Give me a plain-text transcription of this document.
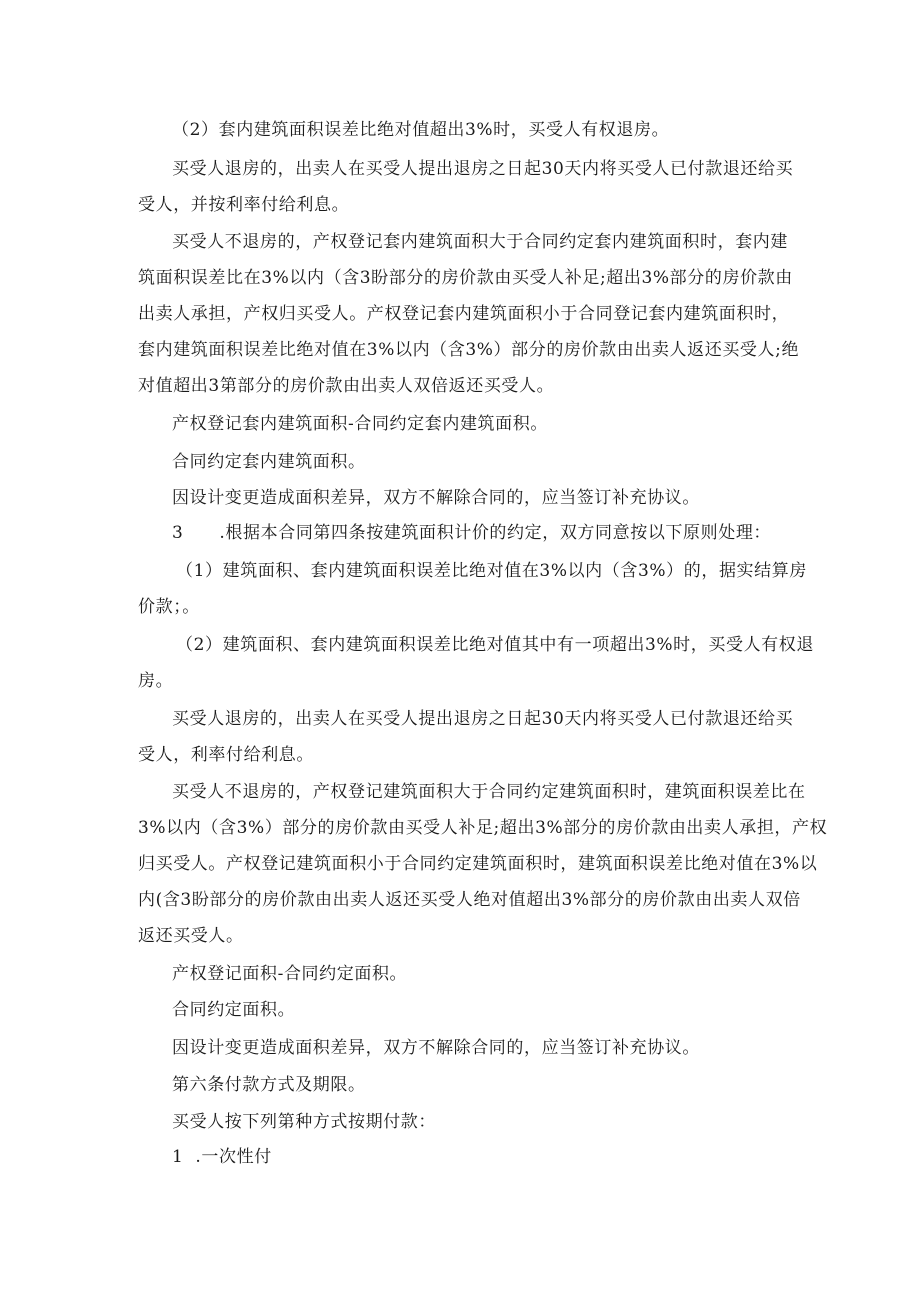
（2）套内建筑面积误差比绝对值超出3%时，买受人有权退房。
买受人退房的，出卖人在买受人提出退房之日起30天内将买受人已付款退还给买
受人，并按利率付给利息。
买受人不退房的，产权登记套内建筑面积大于合同约定套内建筑面积时，套内建
筑面积误差比在3%以内（含3盼部分的房价款由买受人补足;超出3%部分的房价款由
出卖人承担，产权归买受人。产权登记套内建筑面积小于合同登记套内建筑面积时，
套内建筑面积误差比绝对值在3%以内（含3%）部分的房价款由出卖人返还买受人;绝
对值超出3第部分的房价款由出卖人双倍返还买受人。
产权登记套内建筑面积-合同约定套内建筑面积。
合同约定套内建筑面积。
因设计变更造成面积差异，双方不解除合同的，应当签订补充协议。
3 .根据本合同第四条按建筑面积计价的约定，双方同意按以下原则处理：
（1）建筑面积、套内建筑面积误差比绝对值在3%以内（含3%）的，据实结算房
价款；。
（2）建筑面积、套内建筑面积误差比绝对值其中有一项超出3%时，买受人有权退
房。
买受人退房的，出卖人在买受人提出退房之日起30天内将买受人已付款退还给买
受人，利率付给利息。
买受人不退房的，产权登记建筑面积大于合同约定建筑面积时，建筑面积误差比在
3%以内（含3%）部分的房价款由买受人补足;超出3%部分的房价款由出卖人承担，产权
归买受人。产权登记建筑面积小于合同约定建筑面积时，建筑面积误差比绝对值在3%以
内(含3盼部分的房价款由出卖人返还买受人绝对值超出3%部分的房价款由出卖人双倍
返还买受人。
产权登记面积-合同约定面积。
合同约定面积。
因设计变更造成面积差异，双方不解除合同的，应当签订补充协议。
第六条付款方式及期限。
买受人按下列第种方式按期付款：
1 .一次性付
